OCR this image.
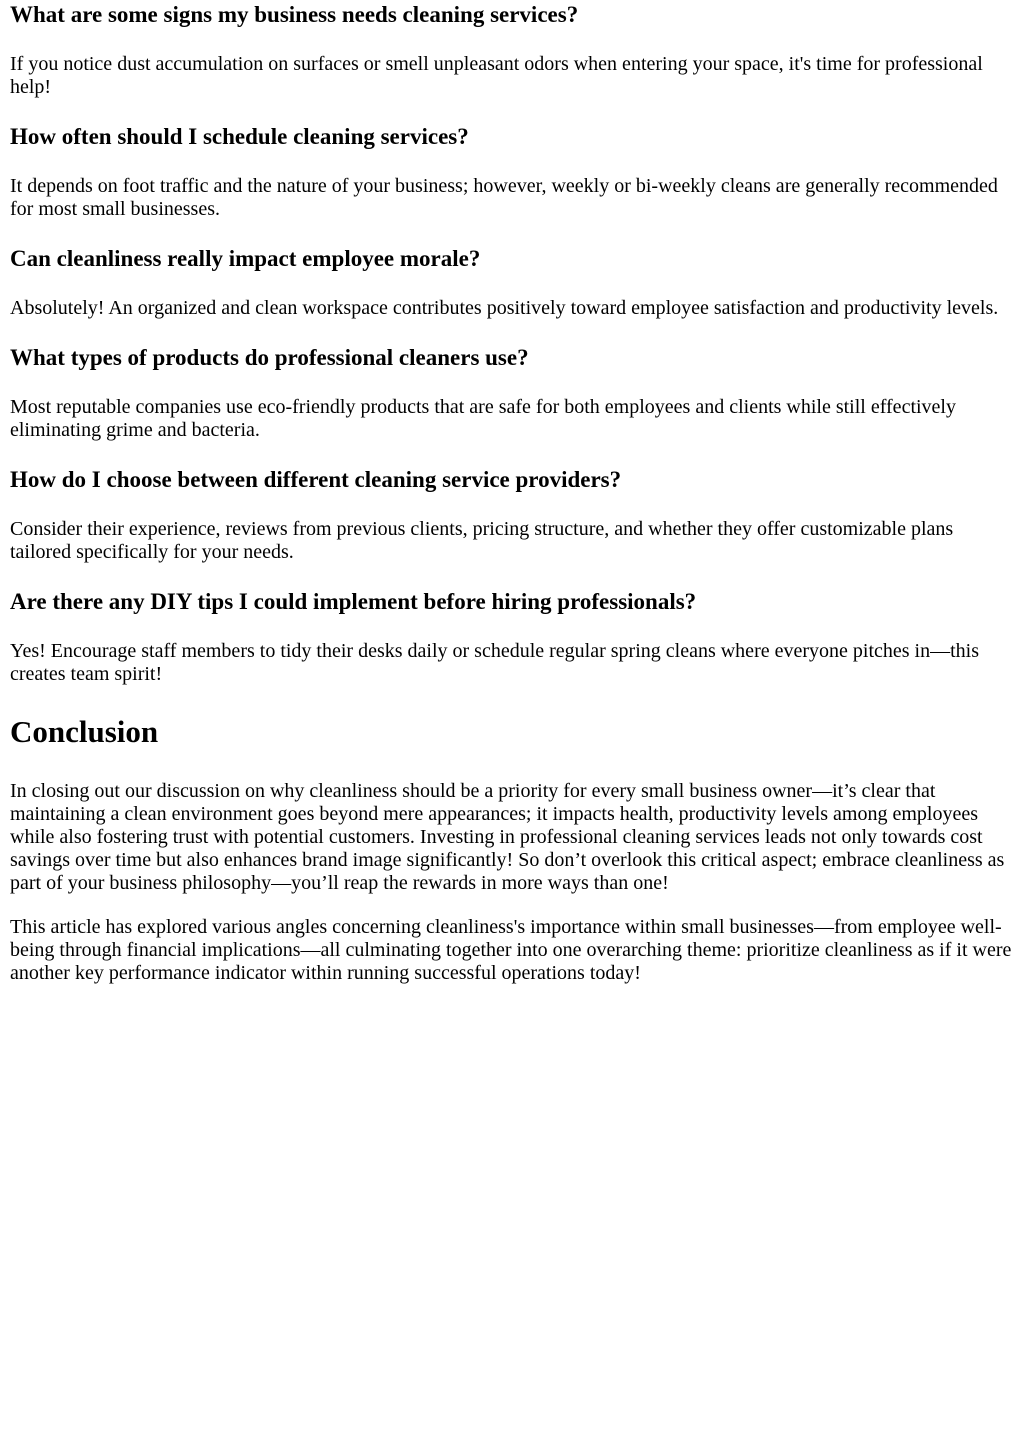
What are some signs my business needs cleaning services?

If you notice dust accumulation on surfaces or smell unpleasant odors when entering your space, it's time for professional help!

How often should I schedule cleaning services?

It depends on foot traffic and the nature of your business; however, weekly or bi-weekly cleans are generally recommended for most small businesses.

Can cleanliness really impact employee morale?

Absolutely! An organized and clean workspace contributes positively toward employee satisfaction and productivity levels.

What types of products do professional cleaners use?

Most reputable companies use eco-friendly products that are safe for both employees and clients while still effectively eliminating grime and bacteria.

How do I choose between different cleaning service providers?

Consider their experience, reviews from previous clients, pricing structure, and whether they offer customizable plans tailored specifically for your needs.

Are there any DIY tips I could implement before hiring professionals?

Yes! Encourage staff members to tidy their desks daily or schedule regular spring cleans where everyone pitches in—this creates team spirit!

Conclusion

In closing out our discussion on why cleanliness should be a priority for every small business owner—it’s clear that maintaining a clean environment goes beyond mere appearances; it impacts health, productivity levels among employees while also fostering trust with potential customers. Investing in professional cleaning services leads not only towards cost savings over time but also enhances brand image significantly! So don’t overlook this critical aspect; embrace cleanliness as part of your business philosophy—you’ll reap the rewards in more ways than one!

This article has explored various angles concerning cleanliness's importance within small businesses—from employee well-being through financial implications—all culminating together into one overarching theme: prioritize cleanliness as if it were another key performance indicator within running successful operations today!
